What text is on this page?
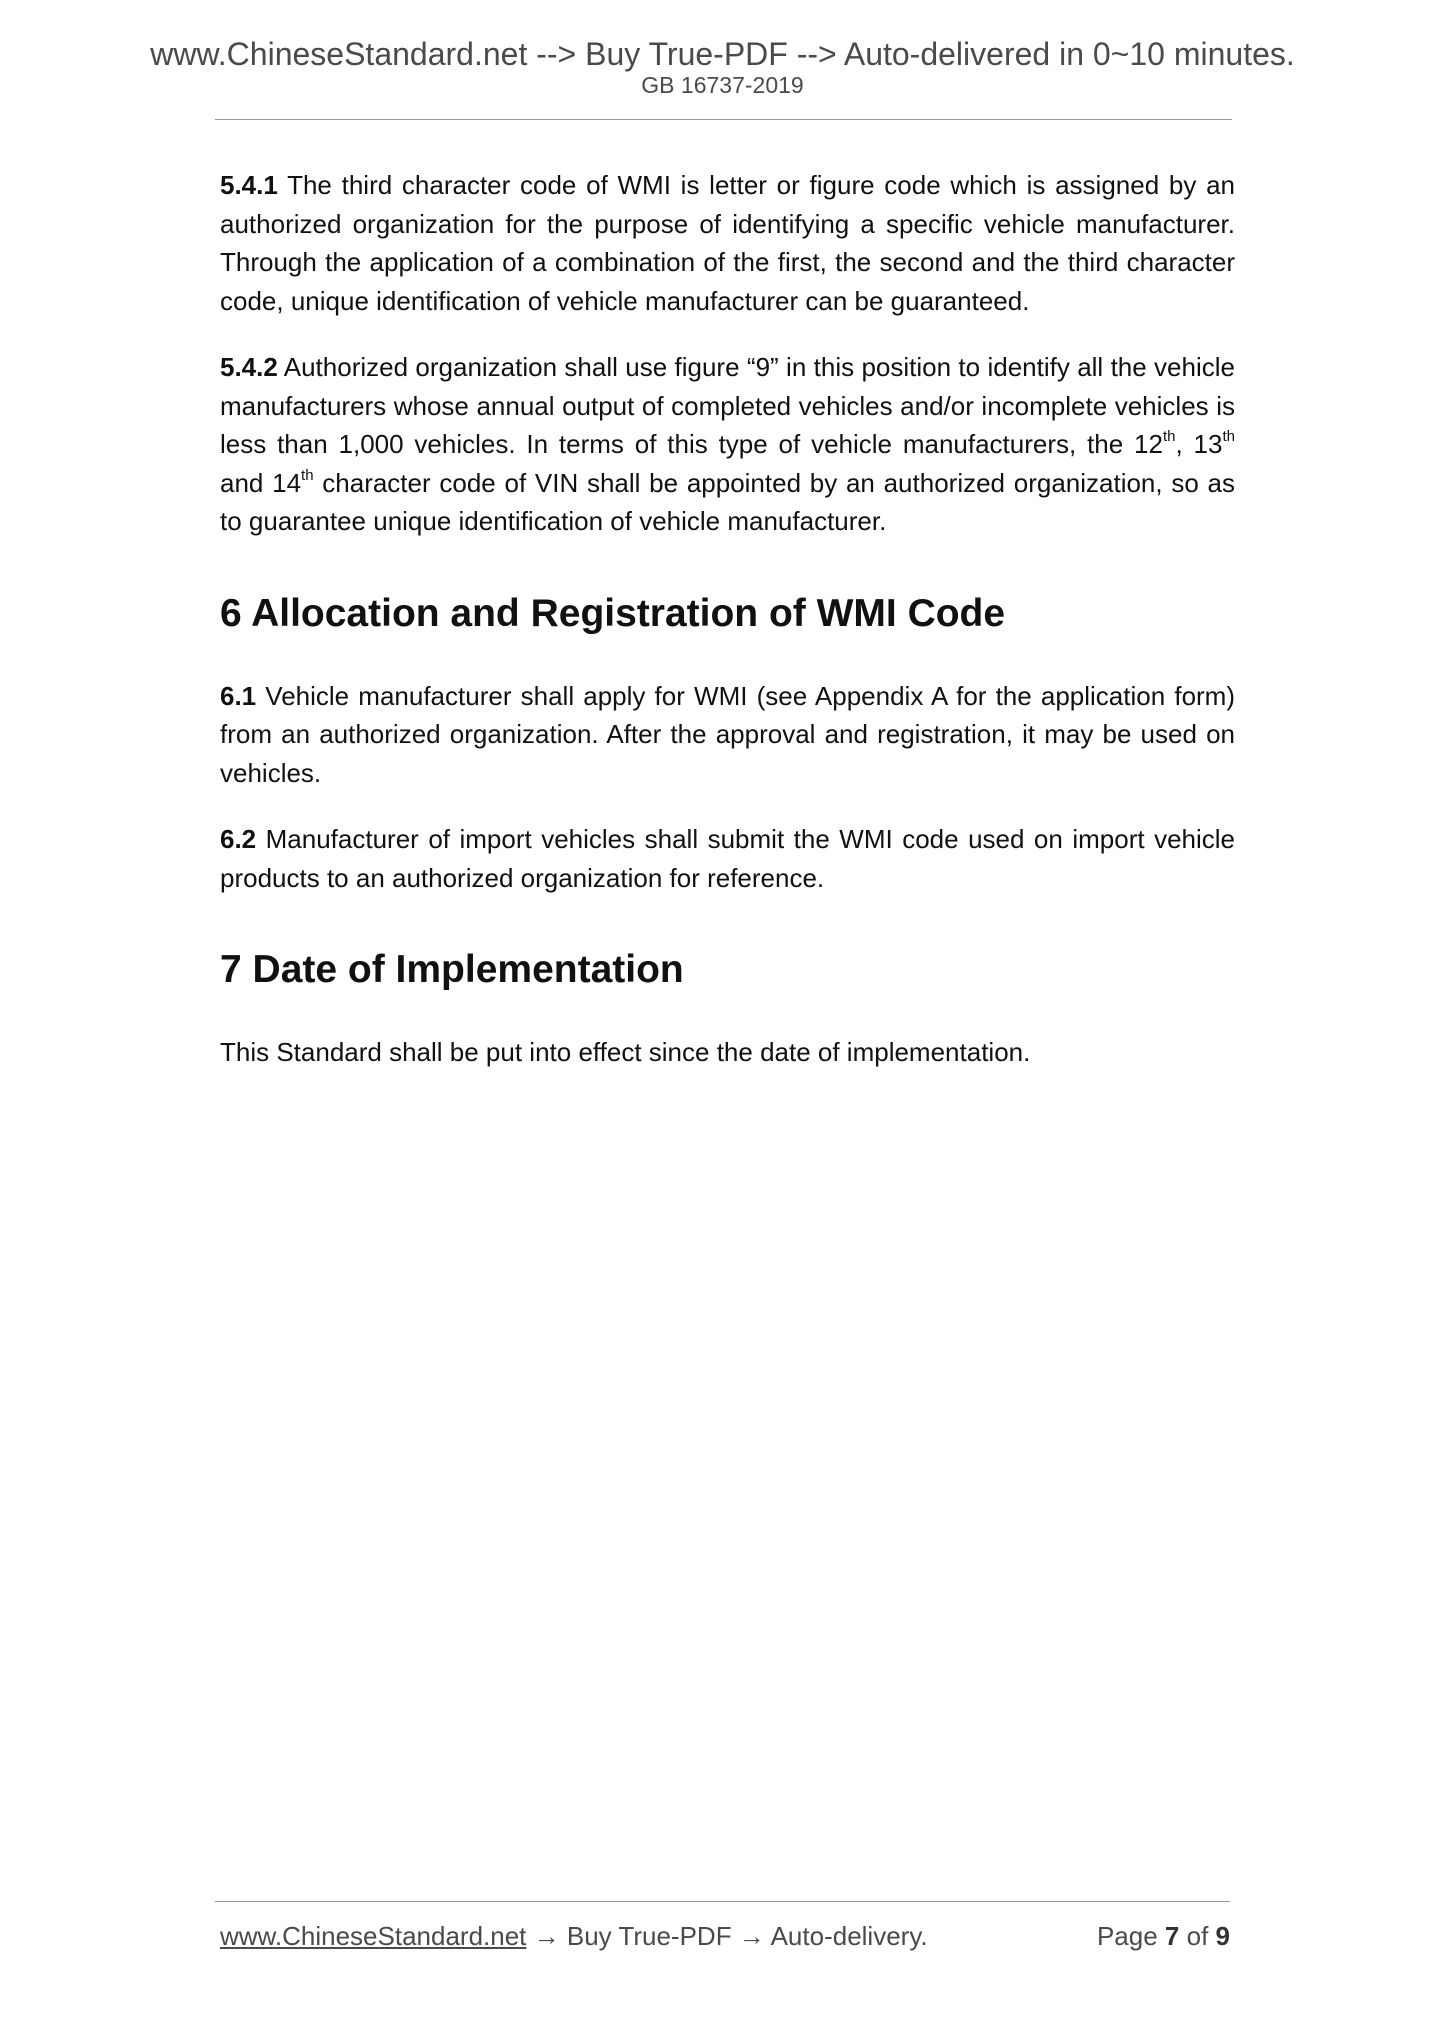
www.ChineseStandard.net --> Buy True-PDF --> Auto-delivered in 0~10 minutes.
GB 16737-2019

5.4.1 The third character code of WMI is letter or figure code which is assigned by an authorized organization for the purpose of identifying a specific vehicle manufacturer. Through the application of a combination of the first, the second and the third character code, unique identification of vehicle manufacturer can be guaranteed.

5.4.2 Authorized organization shall use figure “9” in this position to identify all the vehicle manufacturers whose annual output of completed vehicles and/or incomplete vehicles is less than 1,000 vehicles. In terms of this type of vehicle manufacturers, the 12th, 13th and 14th character code of VIN shall be appointed by an authorized organization, so as to guarantee unique identification of vehicle manufacturer.

6 Allocation and Registration of WMI Code

6.1 Vehicle manufacturer shall apply for WMI (see Appendix A for the application form) from an authorized organization. After the approval and registration, it may be used on vehicles.

6.2 Manufacturer of import vehicles shall submit the WMI code used on import vehicle products to an authorized organization for reference.

7 Date of Implementation

This Standard shall be put into effect since the date of implementation.

www.ChineseStandard.net → Buy True-PDF → Auto-delivery.	Page 7 of 9
